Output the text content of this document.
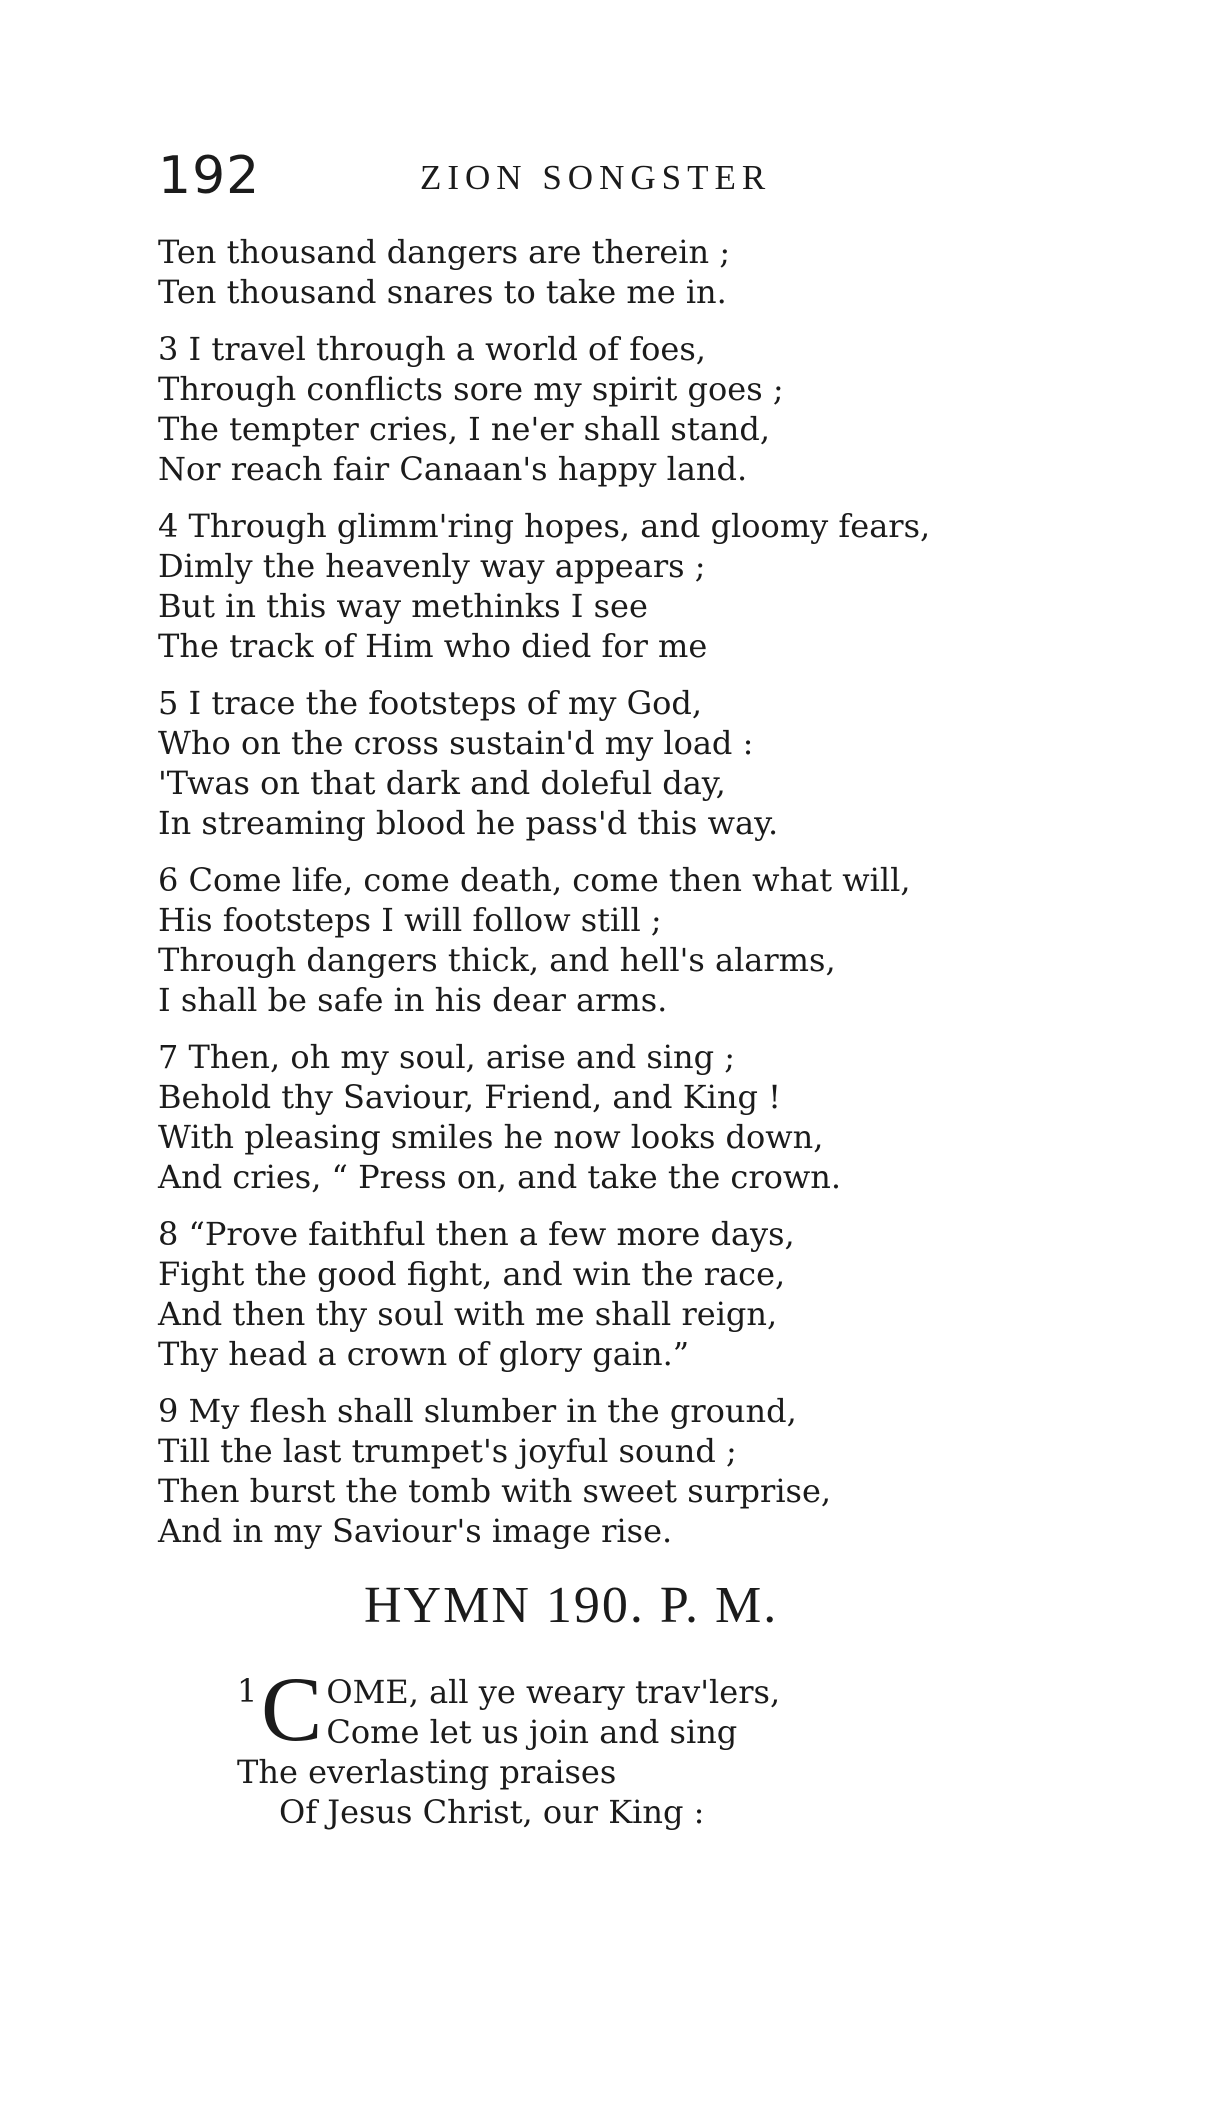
192	ZION SONGSTER
Ten thousand dangers are therein ;
Ten thousand snares to take me in.
3 I travel through a world of foes,
Through conflicts sore my spirit goes ;
The tempter cries, I ne'er shall stand,
Nor reach fair Canaan's happy land.
4 Through glimm'ring hopes, and gloomy fears,
Dimly the heavenly way appears ;
But in this way methinks I see
The track of Him who died for me
5 I trace the footsteps of my God,
Who on the cross sustain'd my load :
'Twas on that dark and doleful day,
In streaming blood he pass'd this way.
6 Come life, come death, come then what will,
His footsteps I will follow still ;
Through dangers thick, and hell's alarms,
I shall be safe in his dear arms.
7 Then, oh my soul, arise and sing ;
Behold thy Saviour, Friend, and King !
With pleasing smiles he now looks down,
And cries, “ Press on, and take the crown.
8 “Prove faithful then a few more days,
Fight the good fight, and win the race,
And then thy soul with me shall reign,
Thy head a crown of glory gain.”
9 My flesh shall slumber in the ground,
Till the last trumpet's joyful sound ;
Then burst the tomb with sweet surprise,
And in my Saviour's image rise.
HYMN 190. P. M.
1C OME, all ye weary trav'lers,
Come let us join and sing
The everlasting praises
Of Jesus Christ, our King :
